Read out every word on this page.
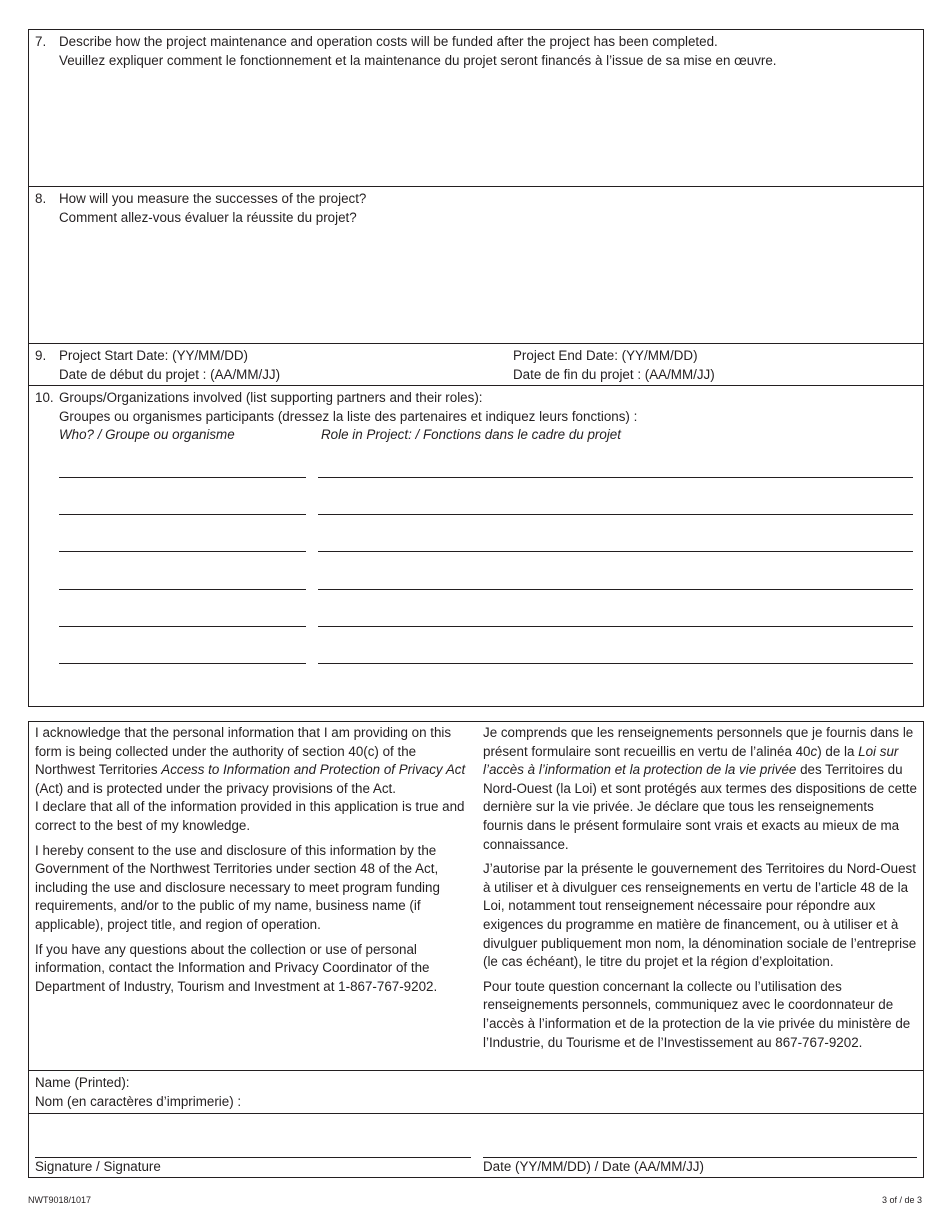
7. Describe how the project maintenance and operation costs will be funded after the project has been completed.
Veuillez expliquer comment le fonctionnement et la maintenance du projet seront financés à l’issue de sa mise en œuvre.
8. How will you measure the successes of the project?
Comment allez-vous évaluer la réussite du projet?
9. Project Start Date: (YY/MM/DD)
Date de début du projet : (AA/MM/JJ)
Project End Date: (YY/MM/DD)
Date de fin du projet : (AA/MM/JJ)
10. Groups/Organizations involved (list supporting partners and their roles):
Groupes ou organismes participants (dressez la liste des partenaires et indiquez leurs fonctions) :
Who? / Groupe ou organisme	Role in Project: / Fonctions dans le cadre du projet

I acknowledge that the personal information that I am providing on this form is being collected under the authority of section 40(c) of the Northwest Territories Access to Information and Protection of Privacy Act (Act) and is protected under the privacy provisions of the Act.
I declare that all of the information provided in this application is true and correct to the best of my knowledge.

I hereby consent to the use and disclosure of this information by the Government of the Northwest Territories under section 48 of the Act, including the use and disclosure necessary to meet program funding requirements, and/or to the public of my name, business name (if applicable), project title, and region of operation.

If you have any questions about the collection or use of personal information, contact the Information and Privacy Coordinator of the Department of Industry, Tourism and Investment at 1-867-767-9202.

Je comprends que les renseignements personnels que je fournis dans le présent formulaire sont recueillis en vertu de l’alinéa 40c) de la Loi sur l’accès à l’information et la protection de la vie privée des Territoires du Nord-Ouest (la Loi) et sont protégés aux termes des dispositions de cette dernière sur la vie privée. Je déclare que tous les renseignements fournis dans le présent formulaire sont vrais et exacts au mieux de ma connaissance.

J’autorise par la présente le gouvernement des Territoires du Nord-Ouest à utiliser et à divulguer ces renseignements en vertu de l’article 48 de la Loi, notamment tout renseignement nécessaire pour répondre aux exigences du programme en matière de financement, ou à utiliser et à divulguer publiquement mon nom, la dénomination sociale de l’entreprise (le cas échéant), le titre du projet et la région d’exploitation.

Pour toute question concernant la collecte ou l’utilisation des renseignements personnels, communiquez avec le coordonnateur de l’accès à l’information et de la protection de la vie privée du ministère de l’Industrie, du Tourisme et de l’Investissement au 867-767-9202.

Name (Printed):
Nom (en caractères d’imprimerie) :
Signature / Signature	Date (YY/MM/DD) / Date (AA/MM/JJ)
NWT9018/1017	3 of / de 3
